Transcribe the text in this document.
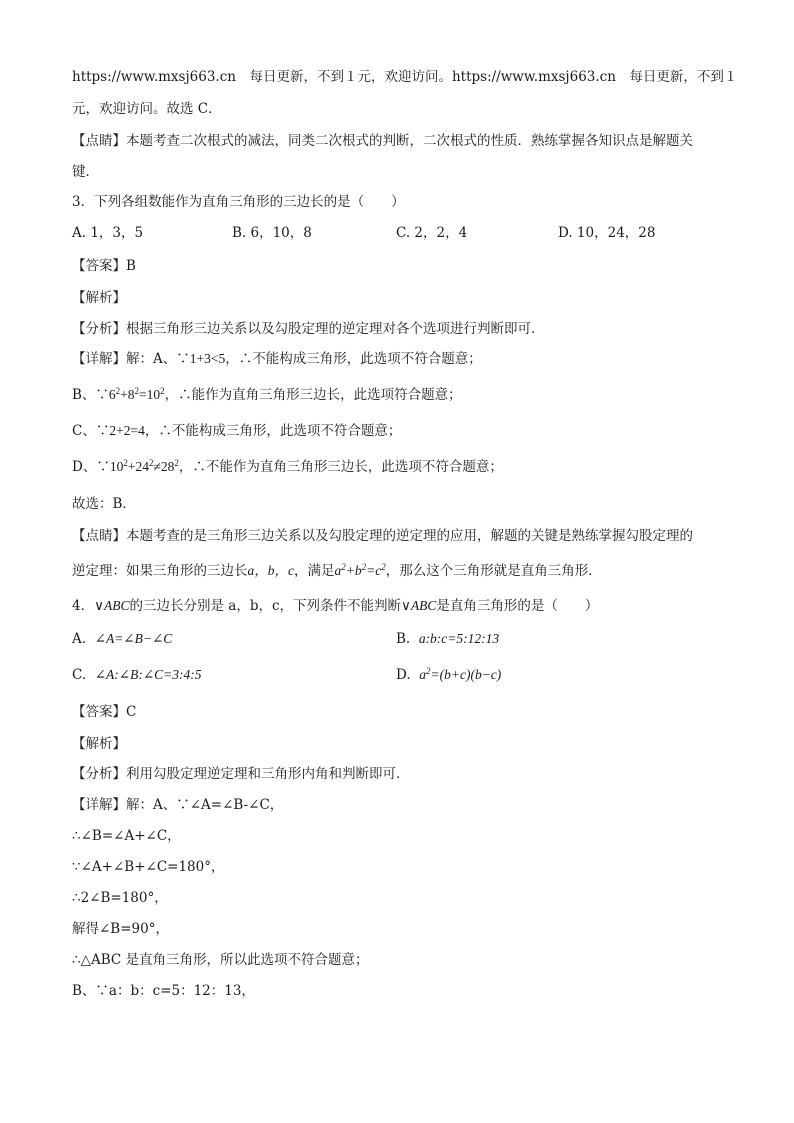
https://www.mxsj663.cn　每日更新，不到１元，欢迎访问。https://www.mxsj663.cn　每日更新，不到１
元，欢迎访问。故选 C．
【点睛】本题考查二次根式的减法，同类二次根式的判断，二次根式的性质．熟练掌握各知识点是解题关
键．
3．下列各组数能作为直角三角形的三边长的是（　　）
A. 1，3，5	B. 6，10，8	C. 2，2，4	D. 10，24，28
【答案】B
【解析】
【分析】根据三角形三边关系以及勾股定理的逆定理对各个选项进行判断即可．
【详解】解：A、∵1+3<5，∴不能构成三角形，此选项不符合题意；
B、$\because 6^2+8^2=10^2$，∴能作为直角三角形三边长，此选项符合题意；
C、∵2+2=4，∴不能构成三角形，此选项不符合题意；
D、$\because 10^2+24^2\ne 28^2$，∴不能作为直角三角形三边长，此选项不符合题意；
故选：B．
【点睛】本题考查的是三角形三边关系以及勾股定理的逆定理的应用，解题的关键是熟练掌握勾股定理的
逆定理：如果三角形的三边长a，b，c，满足$a^2+b^2=c^2$，那么这个三角形就是直角三角形．
4．∨ABC的三边长分别是 a，b，c，下列条件不能判断∨ABC是直角三角形的是（　　）
A. ∠A=∠B−∠C	B. a:b:c=5:12:13
C. ∠A:∠B:∠C=3:4:5	D. $a^2=(b+c)(b-c)$
【答案】C
【解析】
【分析】利用勾股定理逆定理和三角形内角和判断即可．
【详解】解：A、∵∠A=∠B-∠C，
∴∠B=∠A+∠C，
∵∠A+∠B+∠C=180°，
∴2∠B=180°，
解得∠B=90°，
∴△ABC 是直角三角形，所以此选项不符合题意；
B、∵a：b：c=5：12：13，
